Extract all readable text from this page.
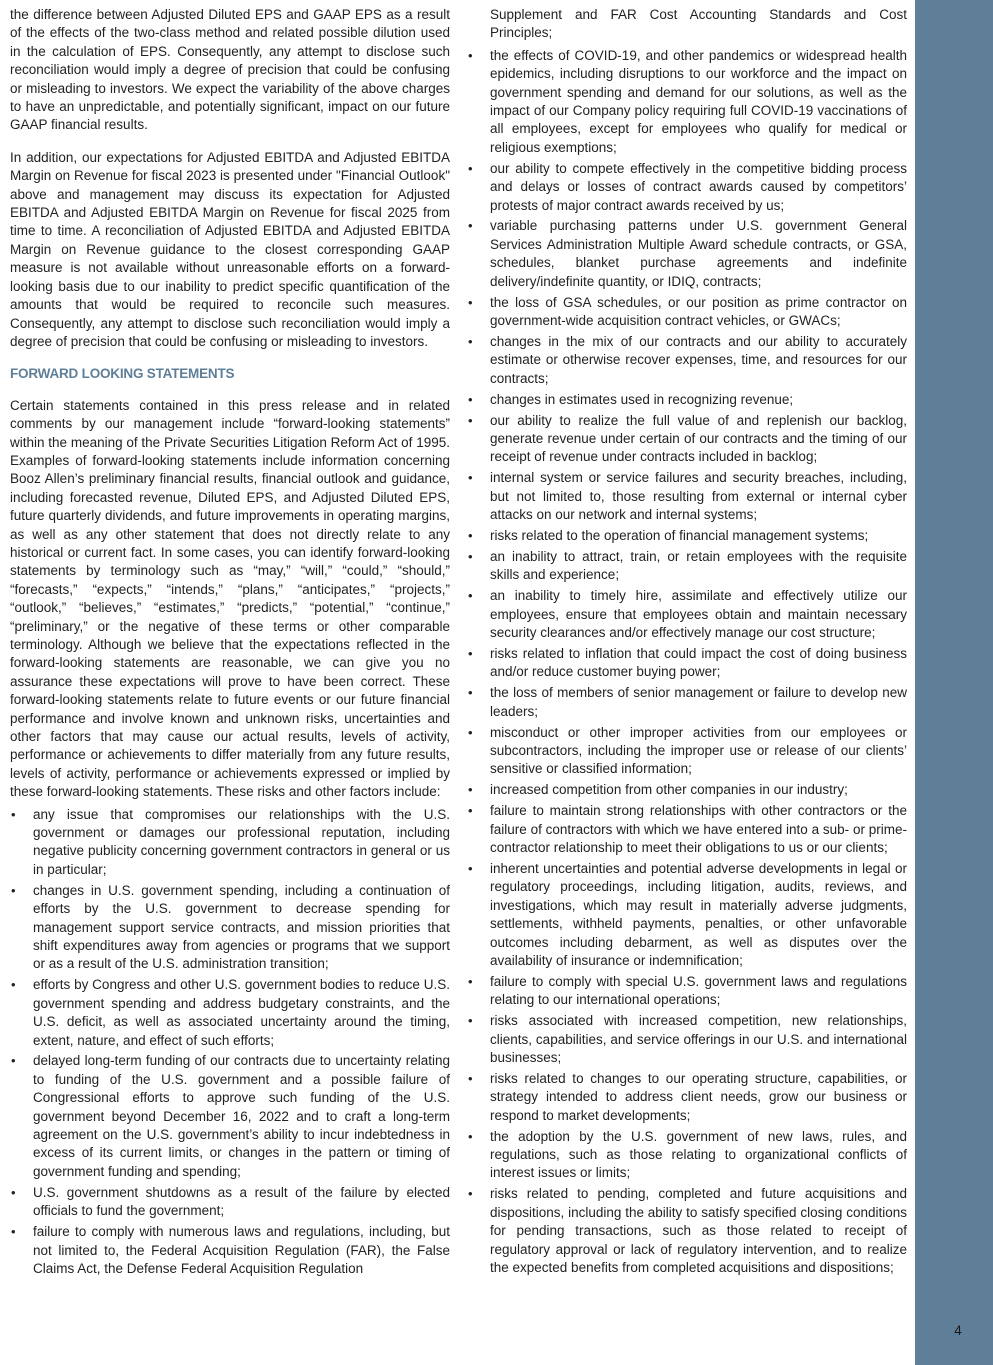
4

the difference between Adjusted Diluted EPS and GAAP EPS as a result of the effects of the two-class method and related possible dilution used in the calculation of EPS. Consequently, any attempt to disclose such reconciliation would imply a degree of precision that could be confusing or misleading to investors. We expect the variability of the above charges to have an unpredictable, and potentially significant, impact on our future GAAP financial results.

In addition, our expectations for Adjusted EBITDA and Adjusted EBITDA Margin on Revenue for fiscal 2023 is presented under "Financial Outlook" above and management may discuss its expectation for Adjusted EBITDA and Adjusted EBITDA Margin on Revenue for fiscal 2025 from time to time. A reconciliation of Adjusted EBITDA and Adjusted EBITDA Margin on Revenue guidance to the closest corresponding GAAP measure is not available without unreasonable efforts on a forward-looking basis due to our inability to predict specific quantification of the amounts that would be required to reconcile such measures. Consequently, any attempt to disclose such reconciliation would imply a degree of precision that could be confusing or misleading to investors.

FORWARD LOOKING STATEMENTS

Certain statements contained in this press release and in related comments by our management include “forward-looking statements” within the meaning of the Private Securities Litigation Reform Act of 1995. Examples of forward-looking statements include information concerning Booz Allen’s preliminary financial results, financial outlook and guidance, including forecasted revenue, Diluted EPS, and Adjusted Diluted EPS, future quarterly dividends, and future improvements in operating margins, as well as any other statement that does not directly relate to any historical or current fact. In some cases, you can identify forward-looking statements by terminology such as “may,” “will,” “could,” “should,” “forecasts,” “expects,” “intends,” “plans,” “anticipates,” “projects,” “outlook,” “believes,” “estimates,” “predicts,” “potential,” “continue,” “preliminary,” or the negative of these terms or other comparable terminology. Although we believe that the expectations reflected in the forward-looking statements are reasonable, we can give you no assurance these expectations will prove to have been correct. These forward-looking statements relate to future events or our future financial performance and involve known and unknown risks, uncertainties and other factors that may cause our actual results, levels of activity, performance or achievements to differ materially from any future results, levels of activity, performance or achievements expressed or implied by these forward-looking statements. These risks and other factors include:

• any issue that compromises our relationships with the U.S. government or damages our professional reputation, including negative publicity concerning government contractors in general or us in particular;
• changes in U.S. government spending, including a continuation of efforts by the U.S. government to decrease spending for management support service contracts, and mission priorities that shift expenditures away from agencies or programs that we support or as a result of the U.S. administration transition;
• efforts by Congress and other U.S. government bodies to reduce U.S. government spending and address budgetary constraints, and the U.S. deficit, as well as associated uncertainty around the timing, extent, nature, and effect of such efforts;
• delayed long-term funding of our contracts due to uncertainty relating to funding of the U.S. government and a possible failure of Congressional efforts to approve such funding of the U.S. government beyond December 16, 2022 and to craft a long-term agreement on the U.S. government’s ability to incur indebtedness in excess of its current limits, or changes in the pattern or timing of government funding and spending;
• U.S. government shutdowns as a result of the failure by elected officials to fund the government;
• failure to comply with numerous laws and regulations, including, but not limited to, the Federal Acquisition Regulation (FAR), the False Claims Act, the Defense Federal Acquisition Regulation

Supplement and FAR Cost Accounting Standards and Cost Principles;

• the effects of COVID-19, and other pandemics or widespread health epidemics, including disruptions to our workforce and the impact on government spending and demand for our solutions, as well as the impact of our Company policy requiring full COVID-19 vaccinations of all employees, except for employees who qualify for medical or religious exemptions;
• our ability to compete effectively in the competitive bidding process and delays or losses of contract awards caused by competitors’ protests of major contract awards received by us;
• variable purchasing patterns under U.S. government General Services Administration Multiple Award schedule contracts, or GSA, schedules, blanket purchase agreements and indefinite delivery/indefinite quantity, or IDIQ, contracts;
• the loss of GSA schedules, or our position as prime contractor on government-wide acquisition contract vehicles, or GWACs;
• changes in the mix of our contracts and our ability to accurately estimate or otherwise recover expenses, time, and resources for our contracts;
• changes in estimates used in recognizing revenue;
• our ability to realize the full value of and replenish our backlog, generate revenue under certain of our contracts and the timing of our receipt of revenue under contracts included in backlog;
• internal system or service failures and security breaches, including, but not limited to, those resulting from external or internal cyber attacks on our network and internal systems;
• risks related to the operation of financial management systems;
• an inability to attract, train, or retain employees with the requisite skills and experience;
• an inability to timely hire, assimilate and effectively utilize our employees, ensure that employees obtain and maintain necessary security clearances and/or effectively manage our cost structure;
• risks related to inflation that could impact the cost of doing business and/or reduce customer buying power;
• the loss of members of senior management or failure to develop new leaders;
• misconduct or other improper activities from our employees or subcontractors, including the improper use or release of our clients’ sensitive or classified information;
• increased competition from other companies in our industry;
• failure to maintain strong relationships with other contractors or the failure of contractors with which we have entered into a sub- or prime- contractor relationship to meet their obligations to us or our clients;
• inherent uncertainties and potential adverse developments in legal or regulatory proceedings, including litigation, audits, reviews, and investigations, which may result in materially adverse judgments, settlements, withheld payments, penalties, or other unfavorable outcomes including debarment, as well as disputes over the availability of insurance or indemnification;
• failure to comply with special U.S. government laws and regulations relating to our international operations;
• risks associated with increased competition, new relationships, clients, capabilities, and service offerings in our U.S. and international businesses;
• risks related to changes to our operating structure, capabilities, or strategy intended to address client needs, grow our business or respond to market developments;
• the adoption by the U.S. government of new laws, rules, and regulations, such as those relating to organizational conflicts of interest issues or limits;
• risks related to pending, completed and future acquisitions and dispositions, including the ability to satisfy specified closing conditions for pending transactions, such as those related to receipt of regulatory approval or lack of regulatory intervention, and to realize the expected benefits from completed acquisitions and dispositions;
